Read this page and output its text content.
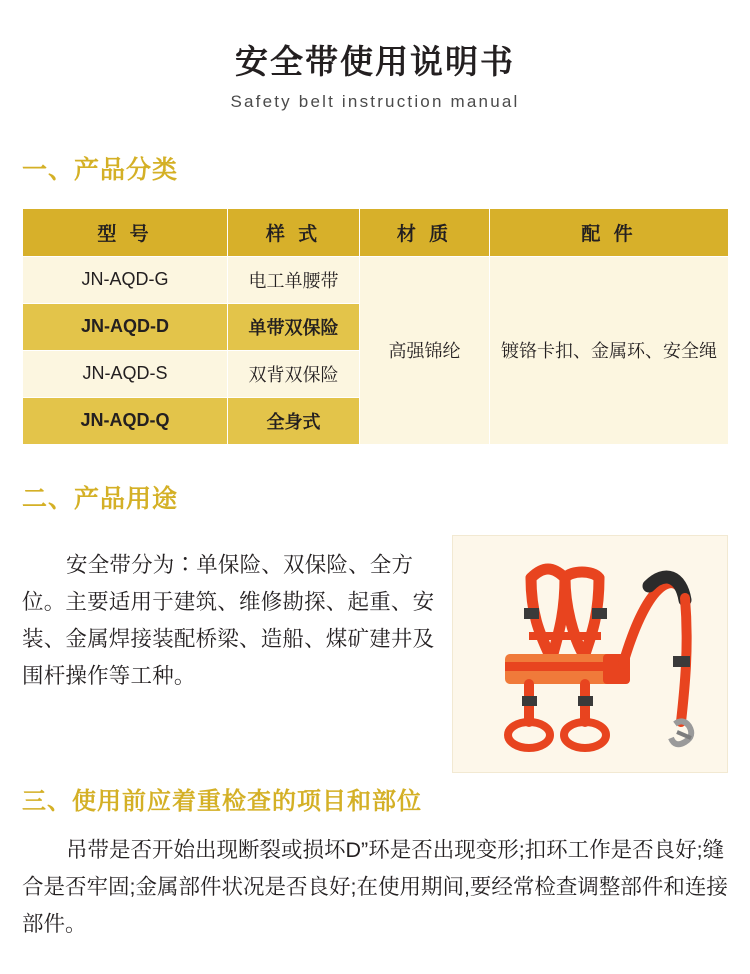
安全带使用说明书
Safety belt instruction manual
一、产品分类
型 号	样 式	材 质	配 件
JN-AQD-G	电工单腰带	高强锦纶	镀铬卡扣、金属环、安全绳
JN-AQD-D	单带双保险		
JN-AQD-S	双背双保险		
JN-AQD-Q	全身式		
二、产品用途
安全带分为∶单保险、双保险、全方位。主要适用于建筑、维修勘探、起重、安装、金属焊接装配桥梁、造船、煤矿建井及围杆操作等工种。
三、使用前应着重检查的项目和部位
吊带是否开始出现断裂或损坏D”环是否出现变形;扣环工作是否良好;缝合是否牢固;金属部件状况是否良好;在使用期间,要经常检查调整部件和连接部件。
